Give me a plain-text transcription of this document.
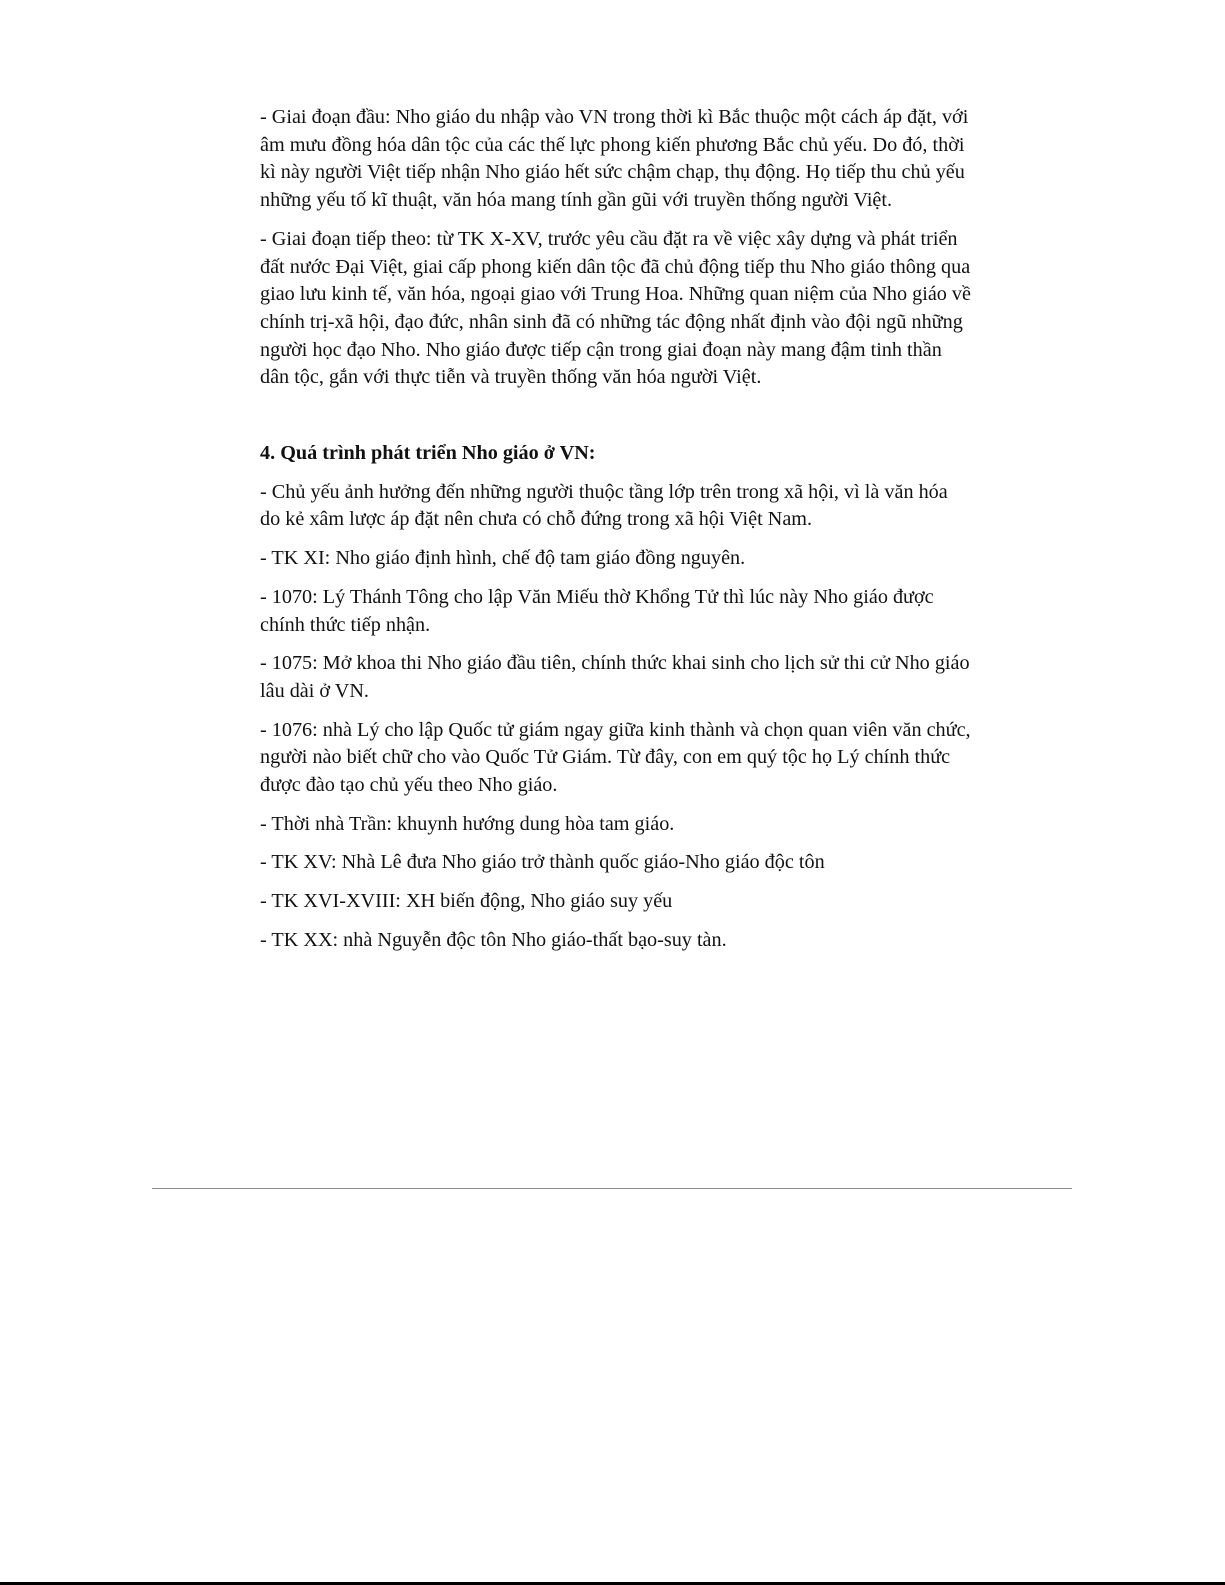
- Giai đoạn đầu: Nho giáo du nhập vào VN trong thời kì Bắc thuộc một cách áp đặt, với âm mưu đồng hóa dân tộc của các thế lực phong kiến phương Bắc chủ yếu. Do đó, thời kì này người Việt tiếp nhận Nho giáo hết sức chậm chạp, thụ động. Họ tiếp thu chủ yếu những yếu tố kĩ thuật, văn hóa mang tính gần gũi với truyền thống người Việt.

- Giai đoạn tiếp theo: từ TK X-XV, trước yêu cầu đặt ra về việc xây dựng và phát triển đất nước Đại Việt, giai cấp phong kiến dân tộc đã chủ động tiếp thu Nho giáo thông qua giao lưu kinh tế, văn hóa, ngoại giao với Trung Hoa. Những quan niệm của Nho giáo về chính trị-xã hội, đạo đức, nhân sinh đã có những tác động nhất định vào đội ngũ những người học đạo Nho. Nho giáo được tiếp cận trong giai đoạn này mang đậm tinh thần dân tộc, gắn với thực tiễn và truyền thống văn hóa người Việt.

4. Quá trình phát triển Nho giáo ở VN:

- Chủ yếu ảnh hưởng đến những người thuộc tầng lớp trên trong xã hội, vì là văn hóa do kẻ xâm lược áp đặt nên chưa có chỗ đứng trong xã hội Việt Nam.

- TK XI: Nho giáo định hình, chế độ tam giáo đồng nguyên.

- 1070: Lý Thánh Tông cho lập Văn Miếu thờ Khổng Tử thì lúc này Nho giáo được chính thức tiếp nhận.

- 1075: Mở khoa thi Nho giáo đầu tiên, chính thức khai sinh cho lịch sử thi cử Nho giáo lâu dài ở VN.

- 1076: nhà Lý cho lập Quốc tử giám ngay giữa kinh thành và chọn quan viên văn chức, người nào biết chữ cho vào Quốc Tử Giám. Từ đây, con em quý tộc họ Lý chính thức được đào tạo chủ yếu theo Nho giáo.

- Thời nhà Trần: khuynh hướng dung hòa tam giáo.

- TK XV: Nhà Lê đưa Nho giáo trở thành quốc giáo-Nho giáo độc tôn

- TK XVI-XVIII: XH biến động, Nho giáo suy yếu

- TK XX: nhà Nguyễn độc tôn Nho giáo-thất bạo-suy tàn.
